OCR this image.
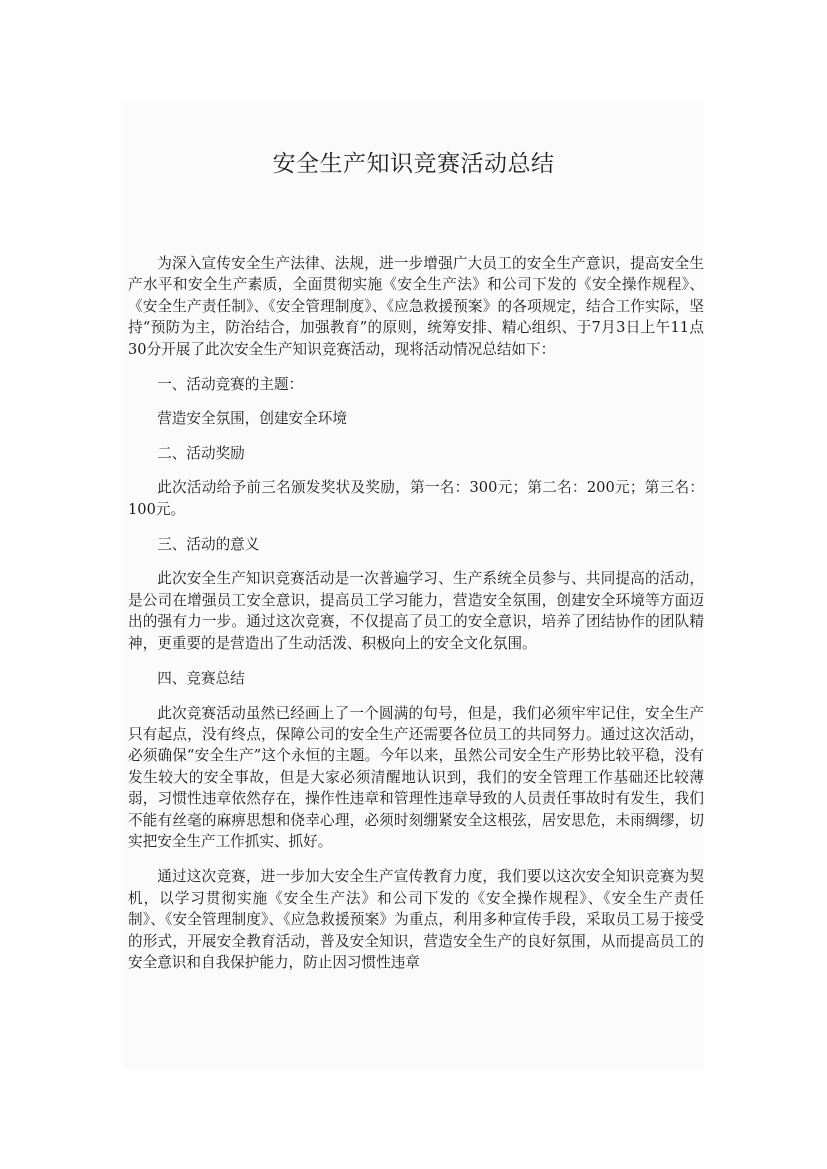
安全生产知识竞赛活动总结

为深入宣传安全生产法律、法规，进一步增强广大员工的安全生产意识，提高安全生产水平和安全生产素质，全面贯彻实施《安全生产法》和公司下发的《安全操作规程》、《安全生产责任制》、《安全管理制度》、《应急救援预案》的各项规定，结合工作实际，坚持“预防为主，防治结合，加强教育”的原则，统筹安排、精心组织、于7月3日上午11点30分开展了此次安全生产知识竞赛活动，现将活动情况总结如下：

一、活动竞赛的主题：

营造安全氛围，创建安全环境

二、活动奖励

此次活动给予前三名颁发奖状及奖励，第一名：300元；第二名：200元；第三名：100元。

三、活动的意义

此次安全生产知识竞赛活动是一次普遍学习、生产系统全员参与、共同提高的活动，是公司在增强员工安全意识，提高员工学习能力，营造安全氛围，创建安全环境等方面迈出的强有力一步。通过这次竞赛，不仅提高了员工的安全意识，培养了团结协作的团队精神，更重要的是营造出了生动活泼、积极向上的安全文化氛围。

四、竞赛总结

此次竞赛活动虽然已经画上了一个圆满的句号，但是，我们必须牢牢记住，安全生产只有起点，没有终点，保障公司的安全生产还需要各位员工的共同努力。通过这次活动，必须确保“安全生产”这个永恒的主题。今年以来，虽然公司安全生产形势比较平稳，没有发生较大的安全事故，但是大家必须清醒地认识到，我们的安全管理工作基础还比较薄弱，习惯性违章依然存在，操作性违章和管理性违章导致的人员责任事故时有发生，我们不能有丝毫的麻痹思想和侥幸心理，必须时刻绷紧安全这根弦，居安思危，未雨绸缪，切实把安全生产工作抓实、抓好。

通过这次竞赛，进一步加大安全生产宣传教育力度，我们要以这次安全知识竞赛为契机，以学习贯彻实施《安全生产法》和公司下发的《安全操作规程》、《安全生产责任制》、《安全管理制度》、《应急救援预案》为重点，利用多种宣传手段，采取员工易于接受的形式，开展安全教育活动，普及安全知识，营造安全生产的良好氛围，从而提高员工的安全意识和自我保护能力，防止因习惯性违章
